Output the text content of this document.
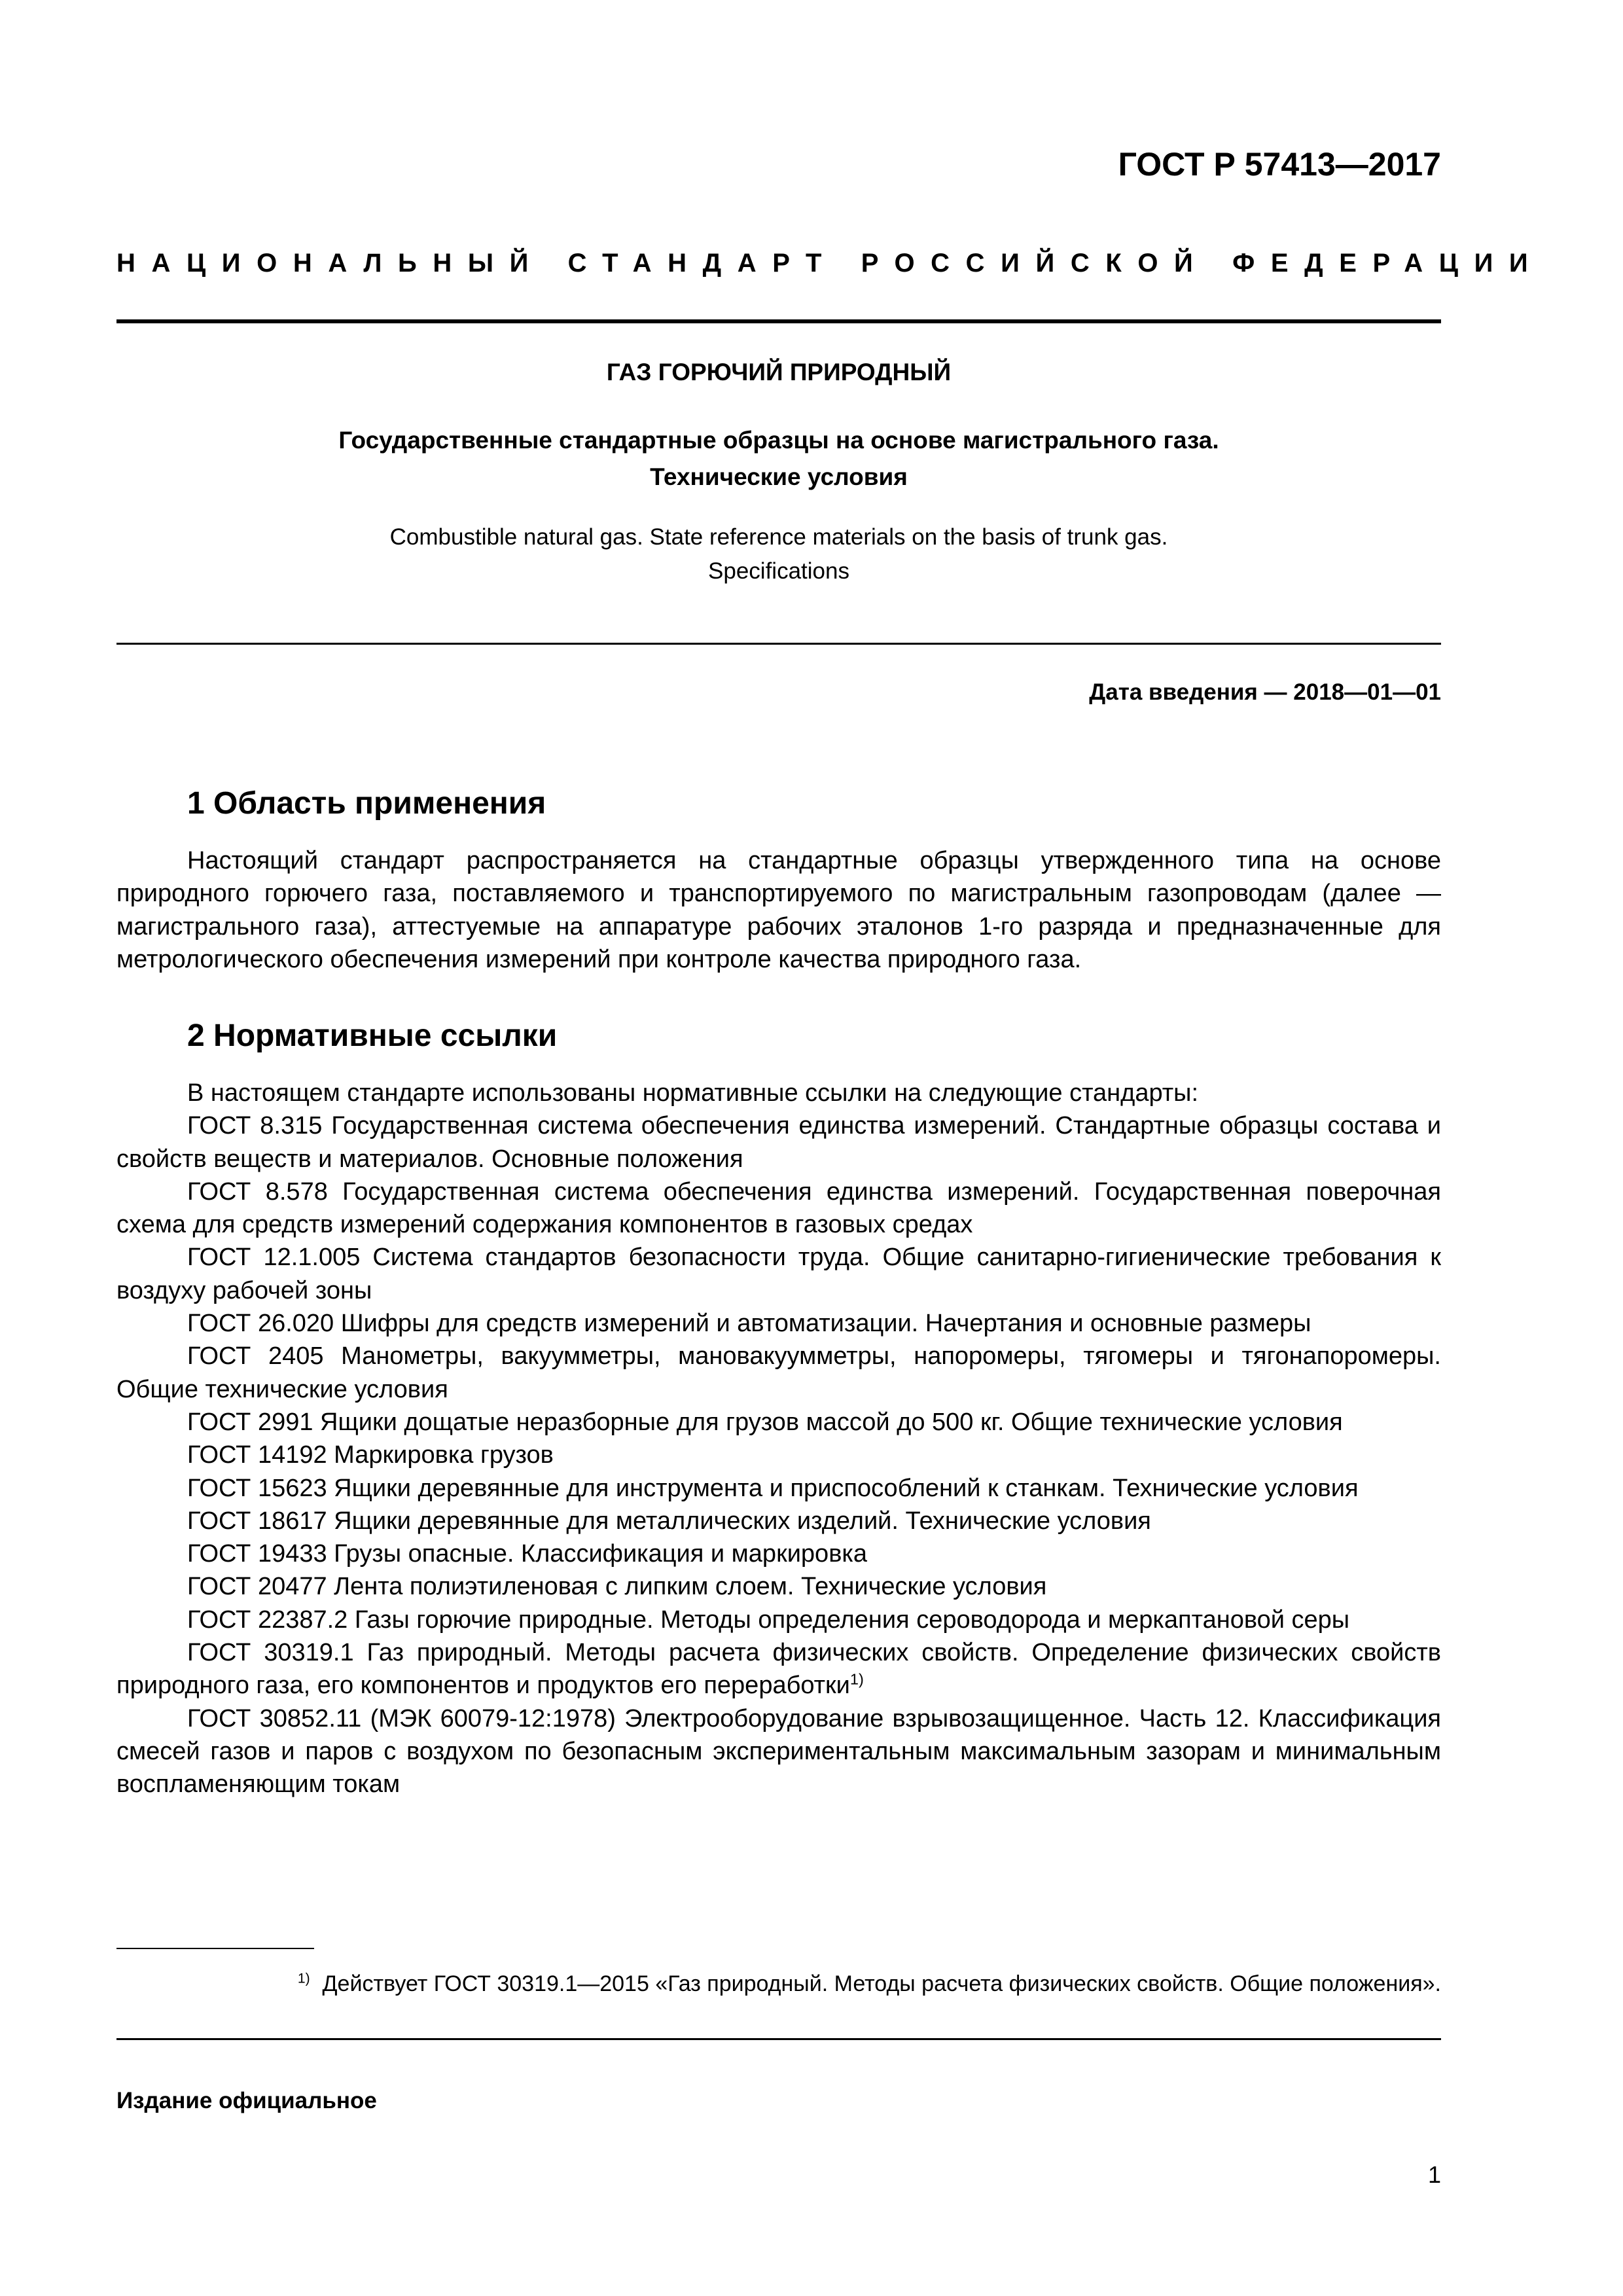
ГОСТ Р 57413—2017
НАЦИОНАЛЬНЫЙ СТАНДАРТ РОССИЙСКОЙ ФЕДЕРАЦИИ
ГАЗ ГОРЮЧИЙ ПРИРОДНЫЙ
Государственные стандартные образцы на основе магистрального газа.
Технические условия
Combustible natural gas. State reference materials on the basis of trunk gas.
Specifications
Дата введения — 2018—01—01
1 Область применения
Настоящий стандарт распространяется на стандартные образцы утвержденного типа на основе природного горючего газа, поставляемого и транспортируемого по магистральным газопроводам (далее — магистрального газа), аттестуемые на аппаратуре рабочих эталонов 1-го разряда и предназначенные для метрологического обеспечения измерений при контроле качества природного газа.
2 Нормативные ссылки

В настоящем стандарте использованы нормативные ссылки на следующие стандарты:

ГОСТ 8.315 Государственная система обеспечения единства измерений. Стандартные образцы состава и свойств веществ и материалов. Основные положения

ГОСТ 8.578 Государственная система обеспечения единства измерений. Государственная поверочная схема для средств измерений содержания компонентов в газовых средах

ГОСТ 12.1.005 Система стандартов безопасности труда. Общие санитарно-гигиенические требования к воздуху рабочей зоны

ГОСТ 26.020 Шифры для средств измерений и автоматизации. Начертания и основные размеры

ГОСТ 2405 Манометры, вакуумметры, мановакуумметры, напоромеры, тягомеры и тягонапоромеры. Общие технические условия

ГОСТ 2991 Ящики дощатые неразборные для грузов массой до 500 кг. Общие технические условия

ГОСТ 14192 Маркировка грузов

ГОСТ 15623 Ящики деревянные для инструмента и приспособлений к станкам. Технические условия

ГОСТ 18617 Ящики деревянные для металлических изделий. Технические условия

ГОСТ 19433 Грузы опасные. Классификация и маркировка

ГОСТ 20477 Лента полиэтиленовая с липким слоем. Технические условия

ГОСТ 22387.2 Газы горючие природные. Методы определения сероводорода и меркаптановой серы

ГОСТ 30319.1 Газ природный. Методы расчета физических свойств. Определение физических свойств природного газа, его компонентов и продуктов его переработки$^{1)}$

ГОСТ 30852.11 (МЭК 60079-12:1978) Электрооборудование взрывозащищенное. Часть 12. Классификация смесей газов и паров с воздухом по безопасным экспериментальным максимальным зазорам и минимальным воспламеняющим токам

$^{1)}$ Действует ГОСТ 30319.1—2015 «Газ природный. Методы расчета физических свойств. Общие положения».
Издание официальное
1
